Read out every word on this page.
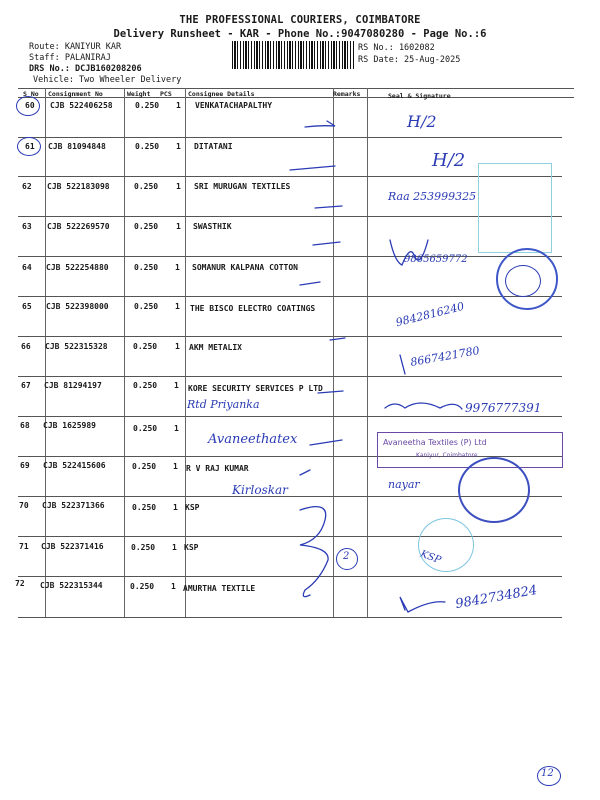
THE PROFESSIONAL COURIERS, COIMBATORE
Delivery Runsheet - KAR - Phone No.:9047080280 - Page No.:6
Route: KANIYUR KAR
Staff: PALANIRAJ
DRS No.: DCJB160208206
Vehicle: Two Wheeler Delivery
RS No.: 1602082
RS Date: 25-Aug-2025
S No Consignment No	Weight PCS	Consignee Details	Remarks	Seal & Signature
60 CJB 522406258	0.250 1 VENKATACHAPALTHY
61 CJB 81094848	0.250 1 DITATANI
62 CJB 522183098	0.250 1 SRI MURUGAN TEXTILES
63 CJB 522269570	0.250 1 SWASTHIK
64 CJB 522254880	0.250 1 SOMANUR KALPANA COTTON
65 CJB 522398000	0.250 1 THE BISCO ELECTRO COATINGS
66 CJB 522315328	0.250 1 AKM METALIX
67 CJB 81294197	0.250 1 KORE SECURITY SERVICES P LTD
68 CJB 1625989	0.250 1
69 CJB 522415606	0.250 1 R V RAJ KUMAR
70 CJB 522371366	0.250 1 KSP
71 CJB 522371416	0.250 1 KSP
72 CJB 522315344	0.250 1 AMURTHA TEXTILE
H/2
H/2
Raa 253999325
9865659772
9842816240
8667421780
Rtd Priyanka	9976777391
Avaneethatex
Kirloskar	nayar
2	KSP
9842734824
12
Avaneetha Textiles (P) Ltd
Kaniyur, Coimbatore
